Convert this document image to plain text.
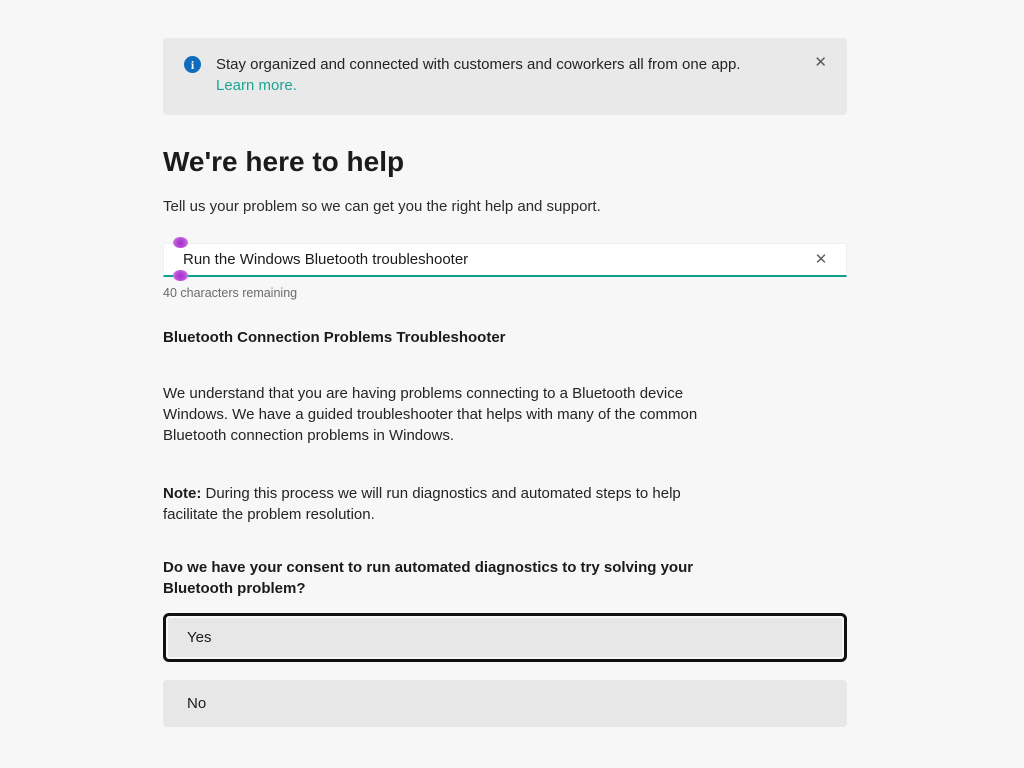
i	Stay organized and connected with customers and coworkers all from one app.
Learn more.
✕
We're here to help
Tell us your problem so we can get you the right help and support.
Run the Windows Bluetooth troubleshooter
✕
40 characters remaining
Bluetooth Connection Problems Troubleshooter

We understand that you are having problems connecting to a Bluetooth device
Windows. We have a guided troubleshooter that helps with many of the common
Bluetooth connection problems in Windows.

Note: During this process we will run diagnostics and automated steps to help
facilitate the problem resolution.

Do we have your consent to run automated diagnostics to try solving your
Bluetooth problem?

Yes
No
